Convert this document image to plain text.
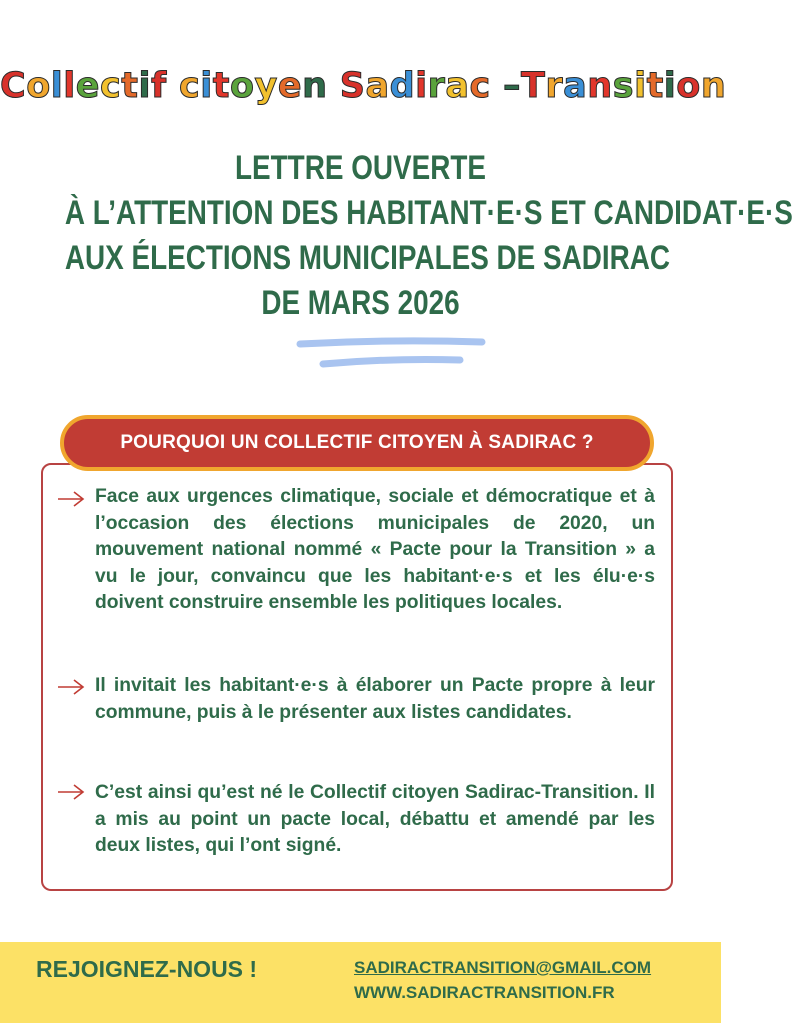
Collectif citoyen Sadirac –Transition
LETTRE OUVERTE
À L’ATTENTION DES HABITANT·E·S ET CANDIDAT·E·S
AUX ÉLECTIONS MUNICIPALES DE SADIRAC
DE MARS 2026
POURQUOI UN COLLECTIF CITOYEN À SADIRAC ?
Face aux urgences climatique, sociale et démocratique et à l’occasion des élections municipales de 2020, un mouvement national nommé « Pacte pour la Transition » a vu le jour, convaincu que les habitant·e·s et les élu·e·s doivent construire ensemble les politiques locales.
Il invitait les habitant·e·s à élaborer un Pacte propre à leur commune, puis à le présenter aux listes candidates.
C’est ainsi qu’est né le Collectif citoyen Sadirac-Transition. Il a mis au point un pacte local, débattu et amendé par les deux listes, qui l’ont signé.
REJOIGNEZ-NOUS !	SADIRACTRANSITION@GMAIL.COM
WWW.SADIRACTRANSITION.FR
